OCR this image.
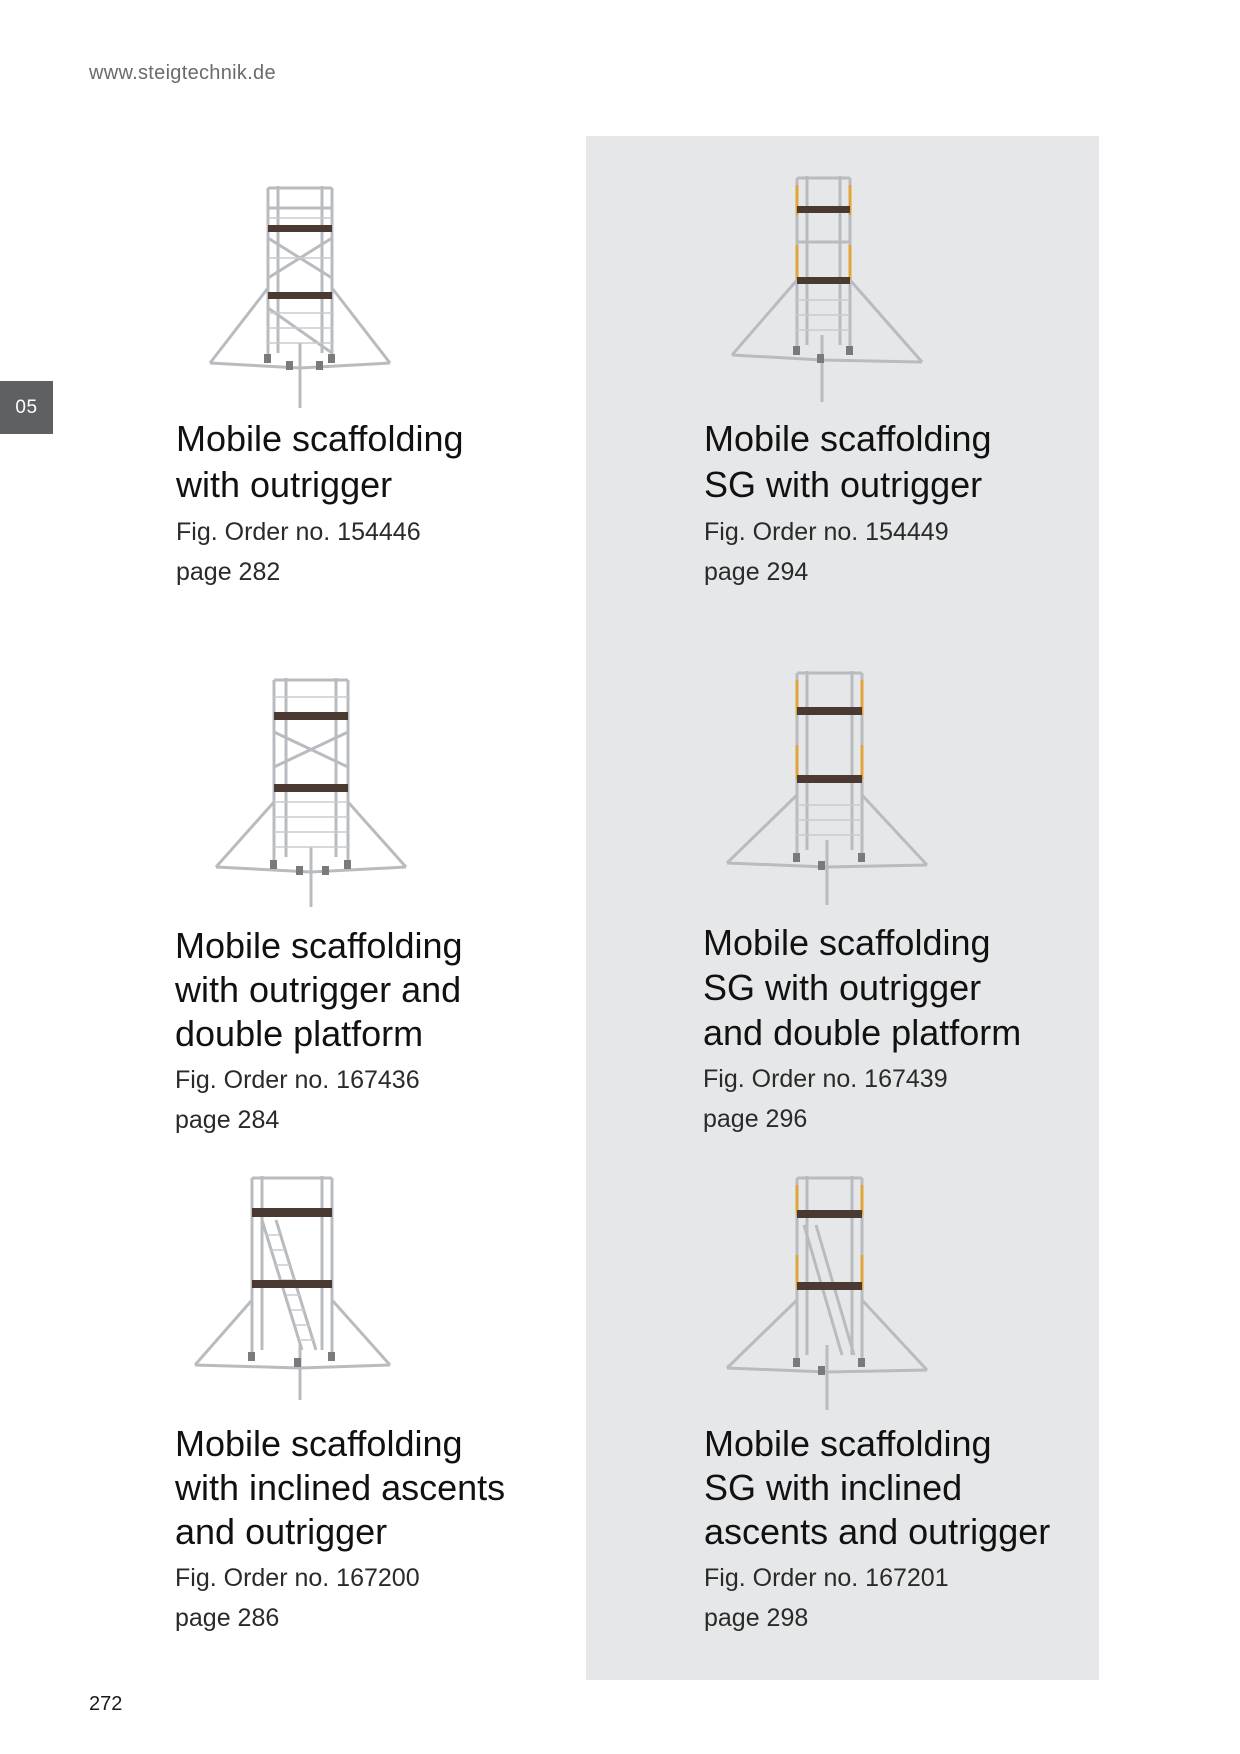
www.steigtechnik.de
05
Mobile scaffolding
with outrigger
Fig. Order no. 154446
page 282
Mobile scaffolding
SG with outrigger
Fig. Order no. 154449
page 294
Mobile scaffolding
with outrigger and
double platform
Fig. Order no. 167436
page 284
Mobile scaffolding
SG with outrigger
and double platform
Fig. Order no. 167439
page 296
Mobile scaffolding
with inclined ascents
and outrigger
Fig. Order no. 167200
page 286
Mobile scaffolding
SG with inclined
ascents and outrigger
Fig. Order no. 167201
page 298
272
